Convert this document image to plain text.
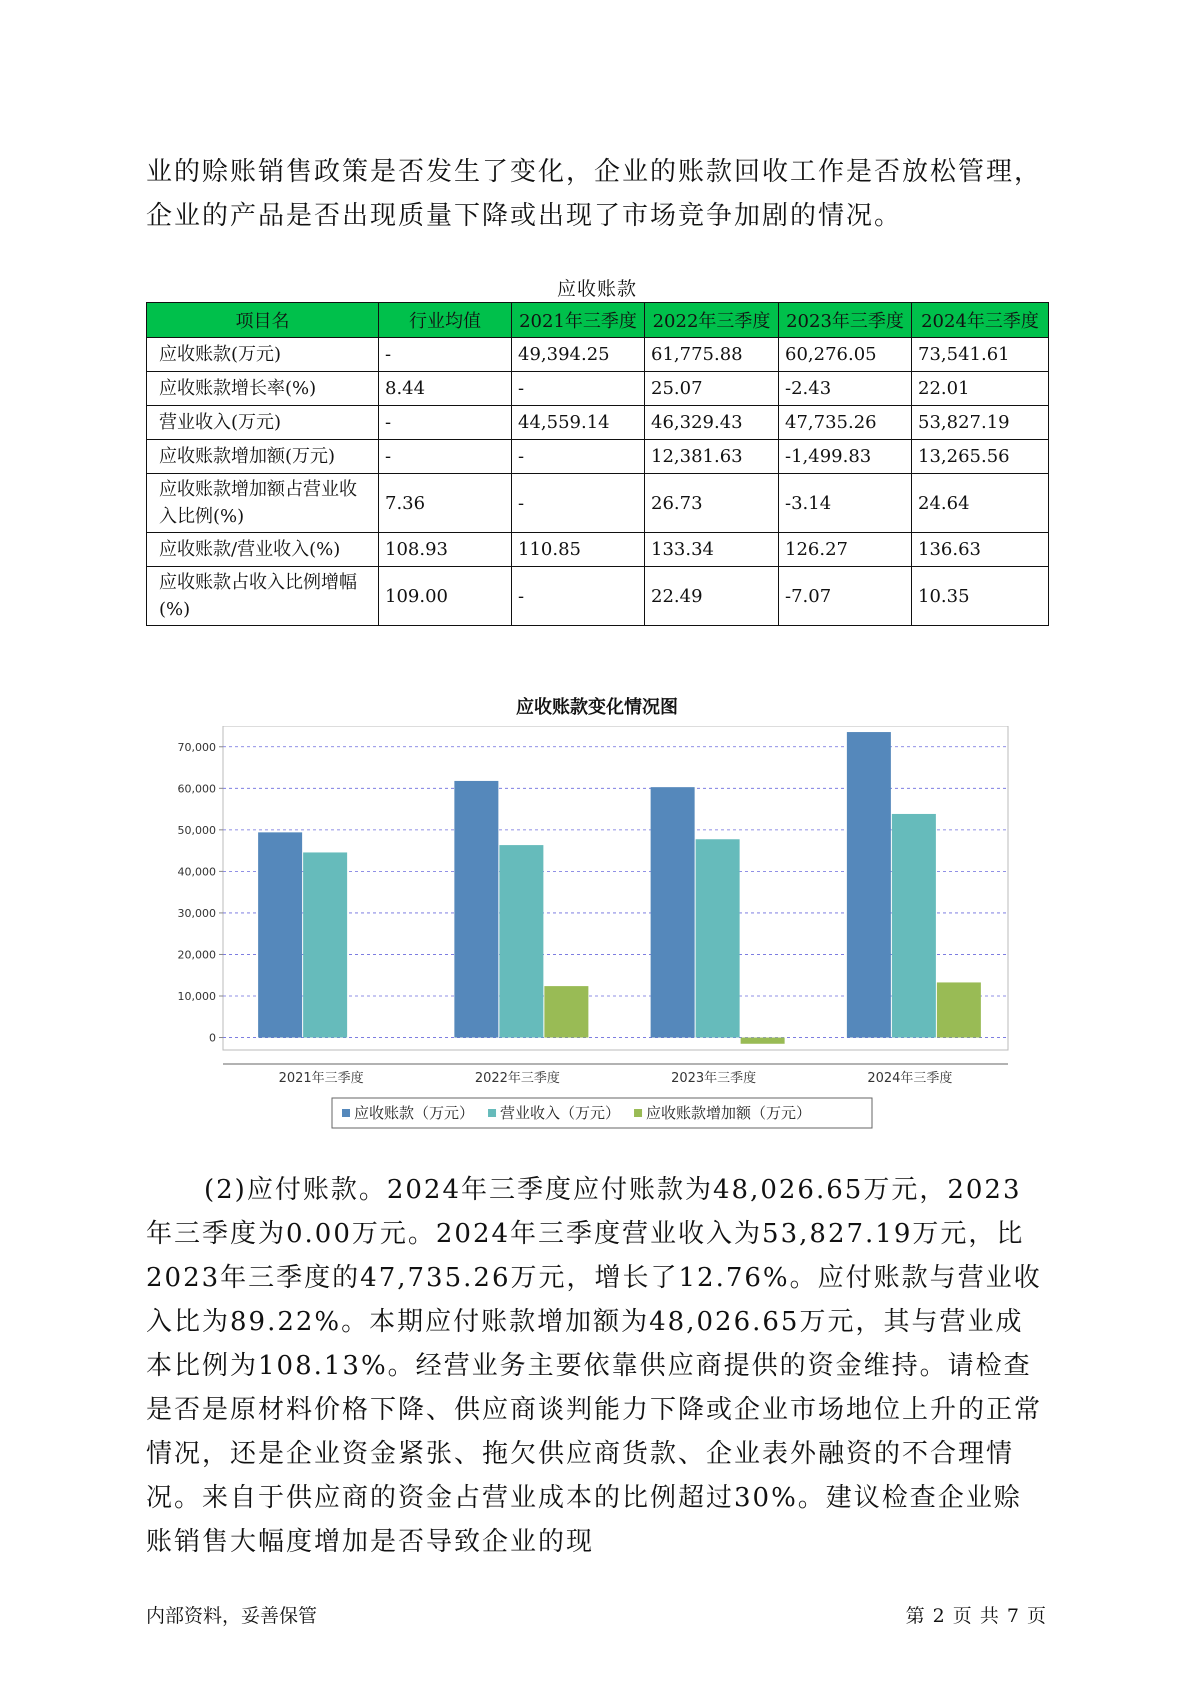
业的赊账销售政策是否发生了变化，企业的账款回收工作是否放松管理，企业的产品是否出现质量下降或出现了市场竞争加剧的情况。

应收账款
项目名	行业均值	2021年三季度	2022年三季度	2023年三季度	2024年三季度
应收账款(万元)	-	49,394.25	61,775.88	60,276.05	73,541.61
应收账款增长率(%)	8.44	-	25.07	-2.43	22.01
营业收入(万元)	-	44,559.14	46,329.43	47,735.26	53,827.19
应收账款增加额(万元)	-	-	12,381.63	-1,499.83	13,265.56
应收账款增加额占营业收入比例(%)	7.36	-	26.73	-3.14	24.64
应收账款/营业收入(%)	108.93	110.85	133.34	126.27	136.63
应收账款占收入比例增幅(%)	109.00	-	22.49	-7.07	10.35
应收账款变化情况图
0
10,000
20,000
30,000
40,000
50,000
60,000
70,000
2021年三季度	2022年三季度	2023年三季度	2024年三季度
应收账款（万元） 营业收入（万元） 应收账款增加额（万元）

(2)应付账款。2024年三季度应付账款为48,026.65万元，2023年三季度为0.00万元。2024年三季度营业收入为53,827.19万元，比2023年三季度的47,735.26万元，增长了12.76%。应付账款与营业收入比为89.22%。本期应付账款增加额为48,026.65万元，其与营业成本比例为108.13%。经营业务主要依靠供应商提供的资金维持。请检查是否是原材料价格下降、供应商谈判能力下降或企业市场地位上升的正常情况，还是企业资金紧张、拖欠供应商货款、企业表外融资的不合理情况。来自于供应商的资金占营业成本的比例超过30%。建议检查企业赊账销售大幅度增加是否导致企业的现

内部资料，妥善保管	第 2 页 共 7 页
